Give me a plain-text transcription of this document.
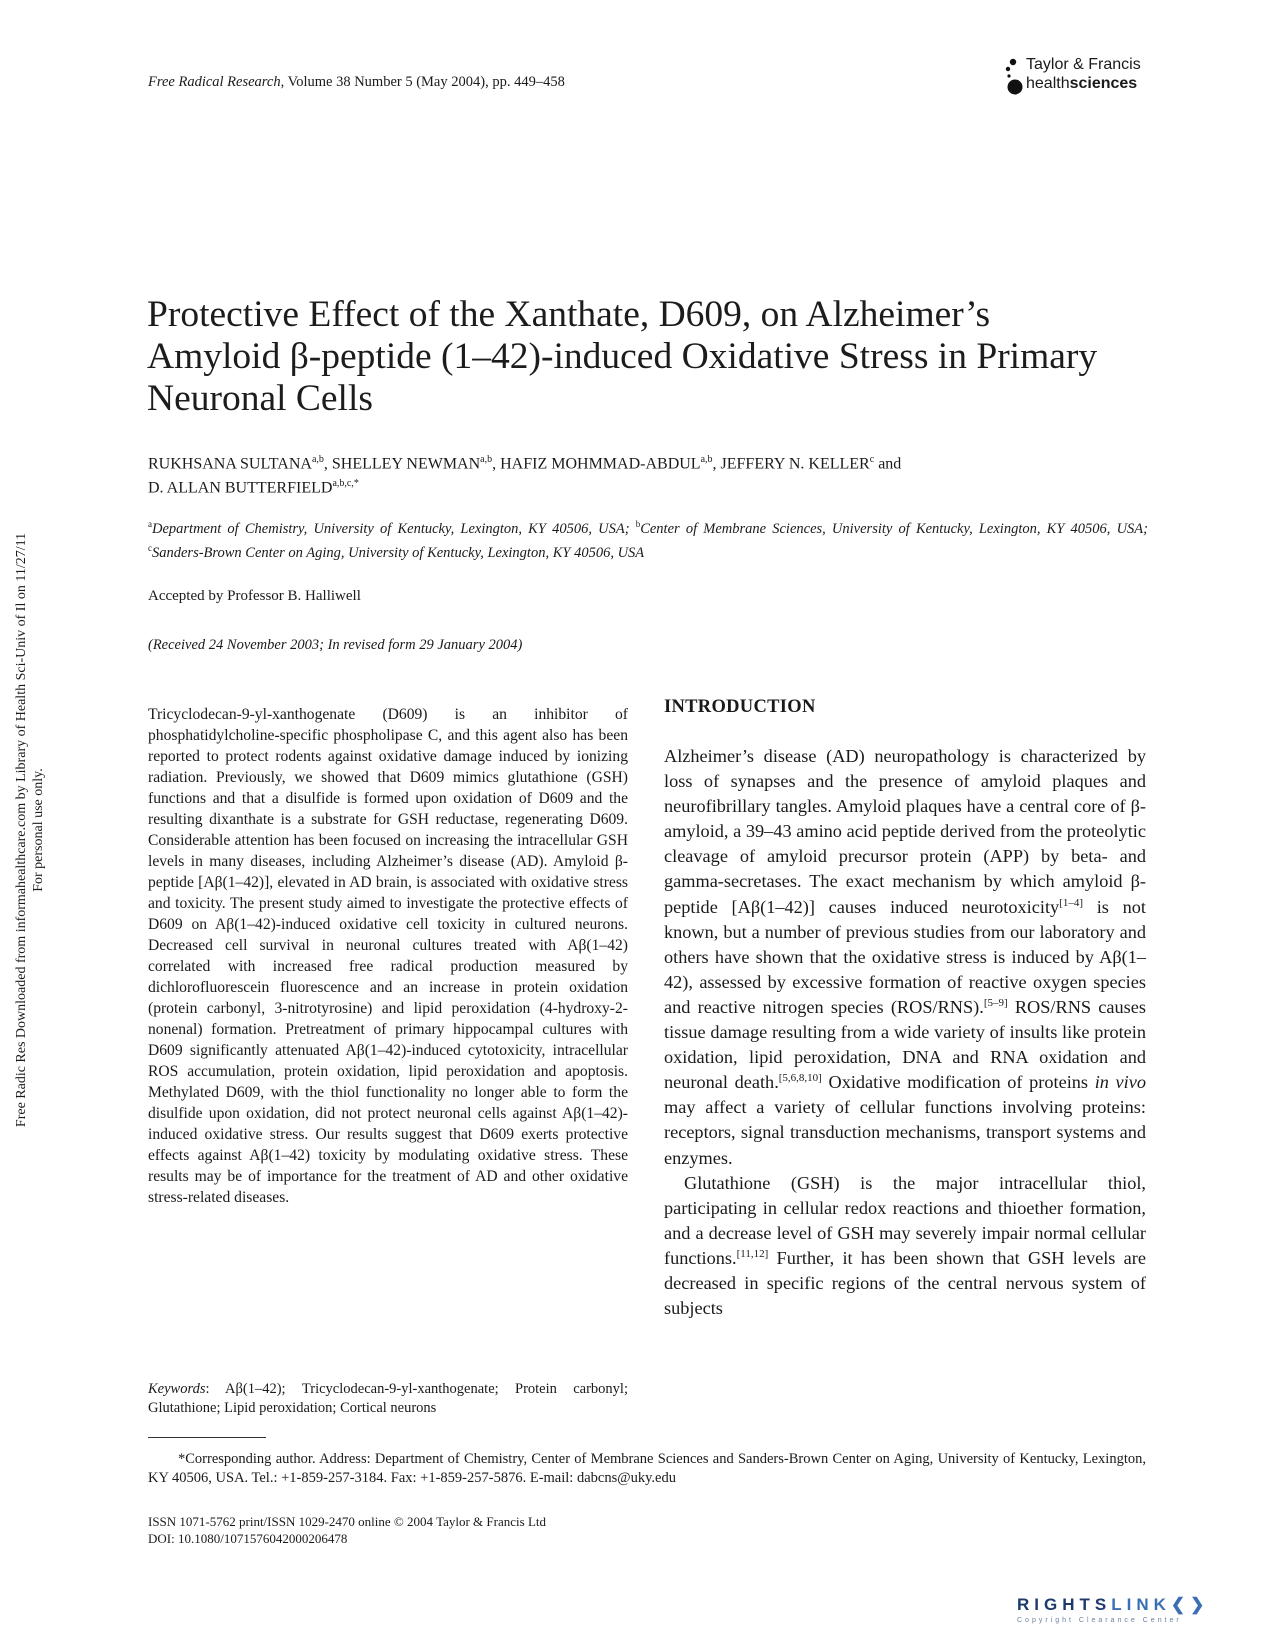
Free Radic Res Downloaded from informahealthcare.com by Library of Health Sci-Univ of Il on 11/27/11 For personal use only.
Free Radical Research, Volume 38 Number 5 (May 2004), pp. 449–458
Taylor & Francis
healthsciences
Protective Effect of the Xanthate, D609, on Alzheimer’s Amyloid β-peptide (1–42)-induced Oxidative Stress in Primary Neuronal Cells
RUKHSANA SULTANA$^{a,b}$, SHELLEY NEWMAN$^{a,b}$, HAFIZ MOHMMAD-ABDUL$^{a,b}$, JEFFERY N. KELLER$^c$ and
D. ALLAN $BUTTERFIELD^{a,b,c,*}$
$^a$Department of Chemistry, University of Kentucky, Lexington, KY 40506, USA; $^b$Center of Membrane Sciences, University of Kentucky, Lexington, KY 40506, USA; $^c$Sanders-Brown Center on Aging, University of Kentucky, Lexington, KY 40506, USA
Accepted by Professor B. Halliwell
(Received 24 November 2003; In revised form 29 January 2004)
Tricyclodecan-9-yl-xanthogenate (D609) is an inhibitor of phosphatidylcholine-specific phospholipase C, and this agent also has been reported to protect rodents against oxidative damage induced by ionizing radiation. Previously, we showed that D609 mimics glutathione (GSH) functions and that a disulfide is formed upon oxidation of D609 and the resulting dixanthate is a substrate for GSH reductase, regenerating D609. Considerable attention has been focused on increasing the intracellular GSH levels in many diseases, including Alzheimer’s disease (AD). Amyloid β-peptide [Aβ(1–42)], elevated in AD brain, is associated with oxidative stress and toxicity. The present study aimed to investigate the protective effects of D609 on Aβ(1–42)-induced oxidative cell toxicity in cultured neurons. Decreased cell survival in neuronal cultures treated with Aβ(1–42) correlated with increased free radical production measured by dichlorofluorescein fluorescence and an increase in protein oxidation (protein carbonyl, 3-nitrotyrosine) and lipid peroxidation (4-hydroxy-2-nonenal) formation. Pretreatment of primary hippocampal cultures with D609 significantly attenuated Aβ(1–42)-induced cytotoxicity, intracellular ROS accumulation, protein oxidation, lipid peroxidation and apoptosis. Methylated D609, with the thiol functionality no longer able to form the disulfide upon oxidation, did not protect neuronal cells against Aβ(1–42)-induced oxidative stress. Our results suggest that D609 exerts protective effects against Aβ(1–42) toxicity by modulating oxidative stress. These results may be of importance for the treatment of AD and other oxidative stress-related diseases.
Keywords: Aβ(1–42); Tricyclodecan-9-yl-xanthogenate; Protein carbonyl; Glutathione; Lipid peroxidation; Cortical neurons
INTRODUCTION

Alzheimer’s disease (AD) neuropathology is characterized by loss of synapses and the presence of amyloid plaques and neurofibrillary tangles. Amyloid plaques have a central core of β-amyloid, a 39–43 amino acid peptide derived from the proteolytic cleavage of amyloid precursor protein (APP) by beta- and gamma-secretases. The exact mechanism by which amyloid β-peptide [Aβ(1–42)] causes induced neurotoxicity[1–4] is not known, but a number of previous studies from our laboratory and others have shown that the oxidative stress is induced by Aβ(1–42), assessed by excessive formation of reactive oxygen species and reactive nitrogen species (ROS/RNS).[5–9] ROS/RNS causes tissue damage resulting from a wide variety of insults like protein oxidation, lipid peroxidation, DNA and RNA oxidation and neuronal death.[5,6,8,10] Oxidative modification of proteins in vivo may affect a variety of cellular functions involving proteins: receptors, signal transduction mechanisms, transport systems and enzymes.

Glutathione (GSH) is the major intracellular thiol, participating in cellular redox reactions and thioether formation, and a decrease level of GSH may severely impair normal cellular functions.[11,12] Further, it has been shown that GSH levels are decreased in specific regions of the central nervous system of subjects

*Corresponding author. Address: Department of Chemistry, Center of Membrane Sciences and Sanders-Brown Center on Aging, University of Kentucky, Lexington, KY 40506, USA. Tel.: +1-859-257-3184. Fax: +1-859-257-5876. E-mail: dabcns@uky.edu

ISSN 1071-5762 print/ISSN 1029-2470 online © 2004 Taylor & Francis Ltd
DOI: 10.1080/1071576042000206478
RIGHTSLINK❮❯
Copyright Clearance Center
